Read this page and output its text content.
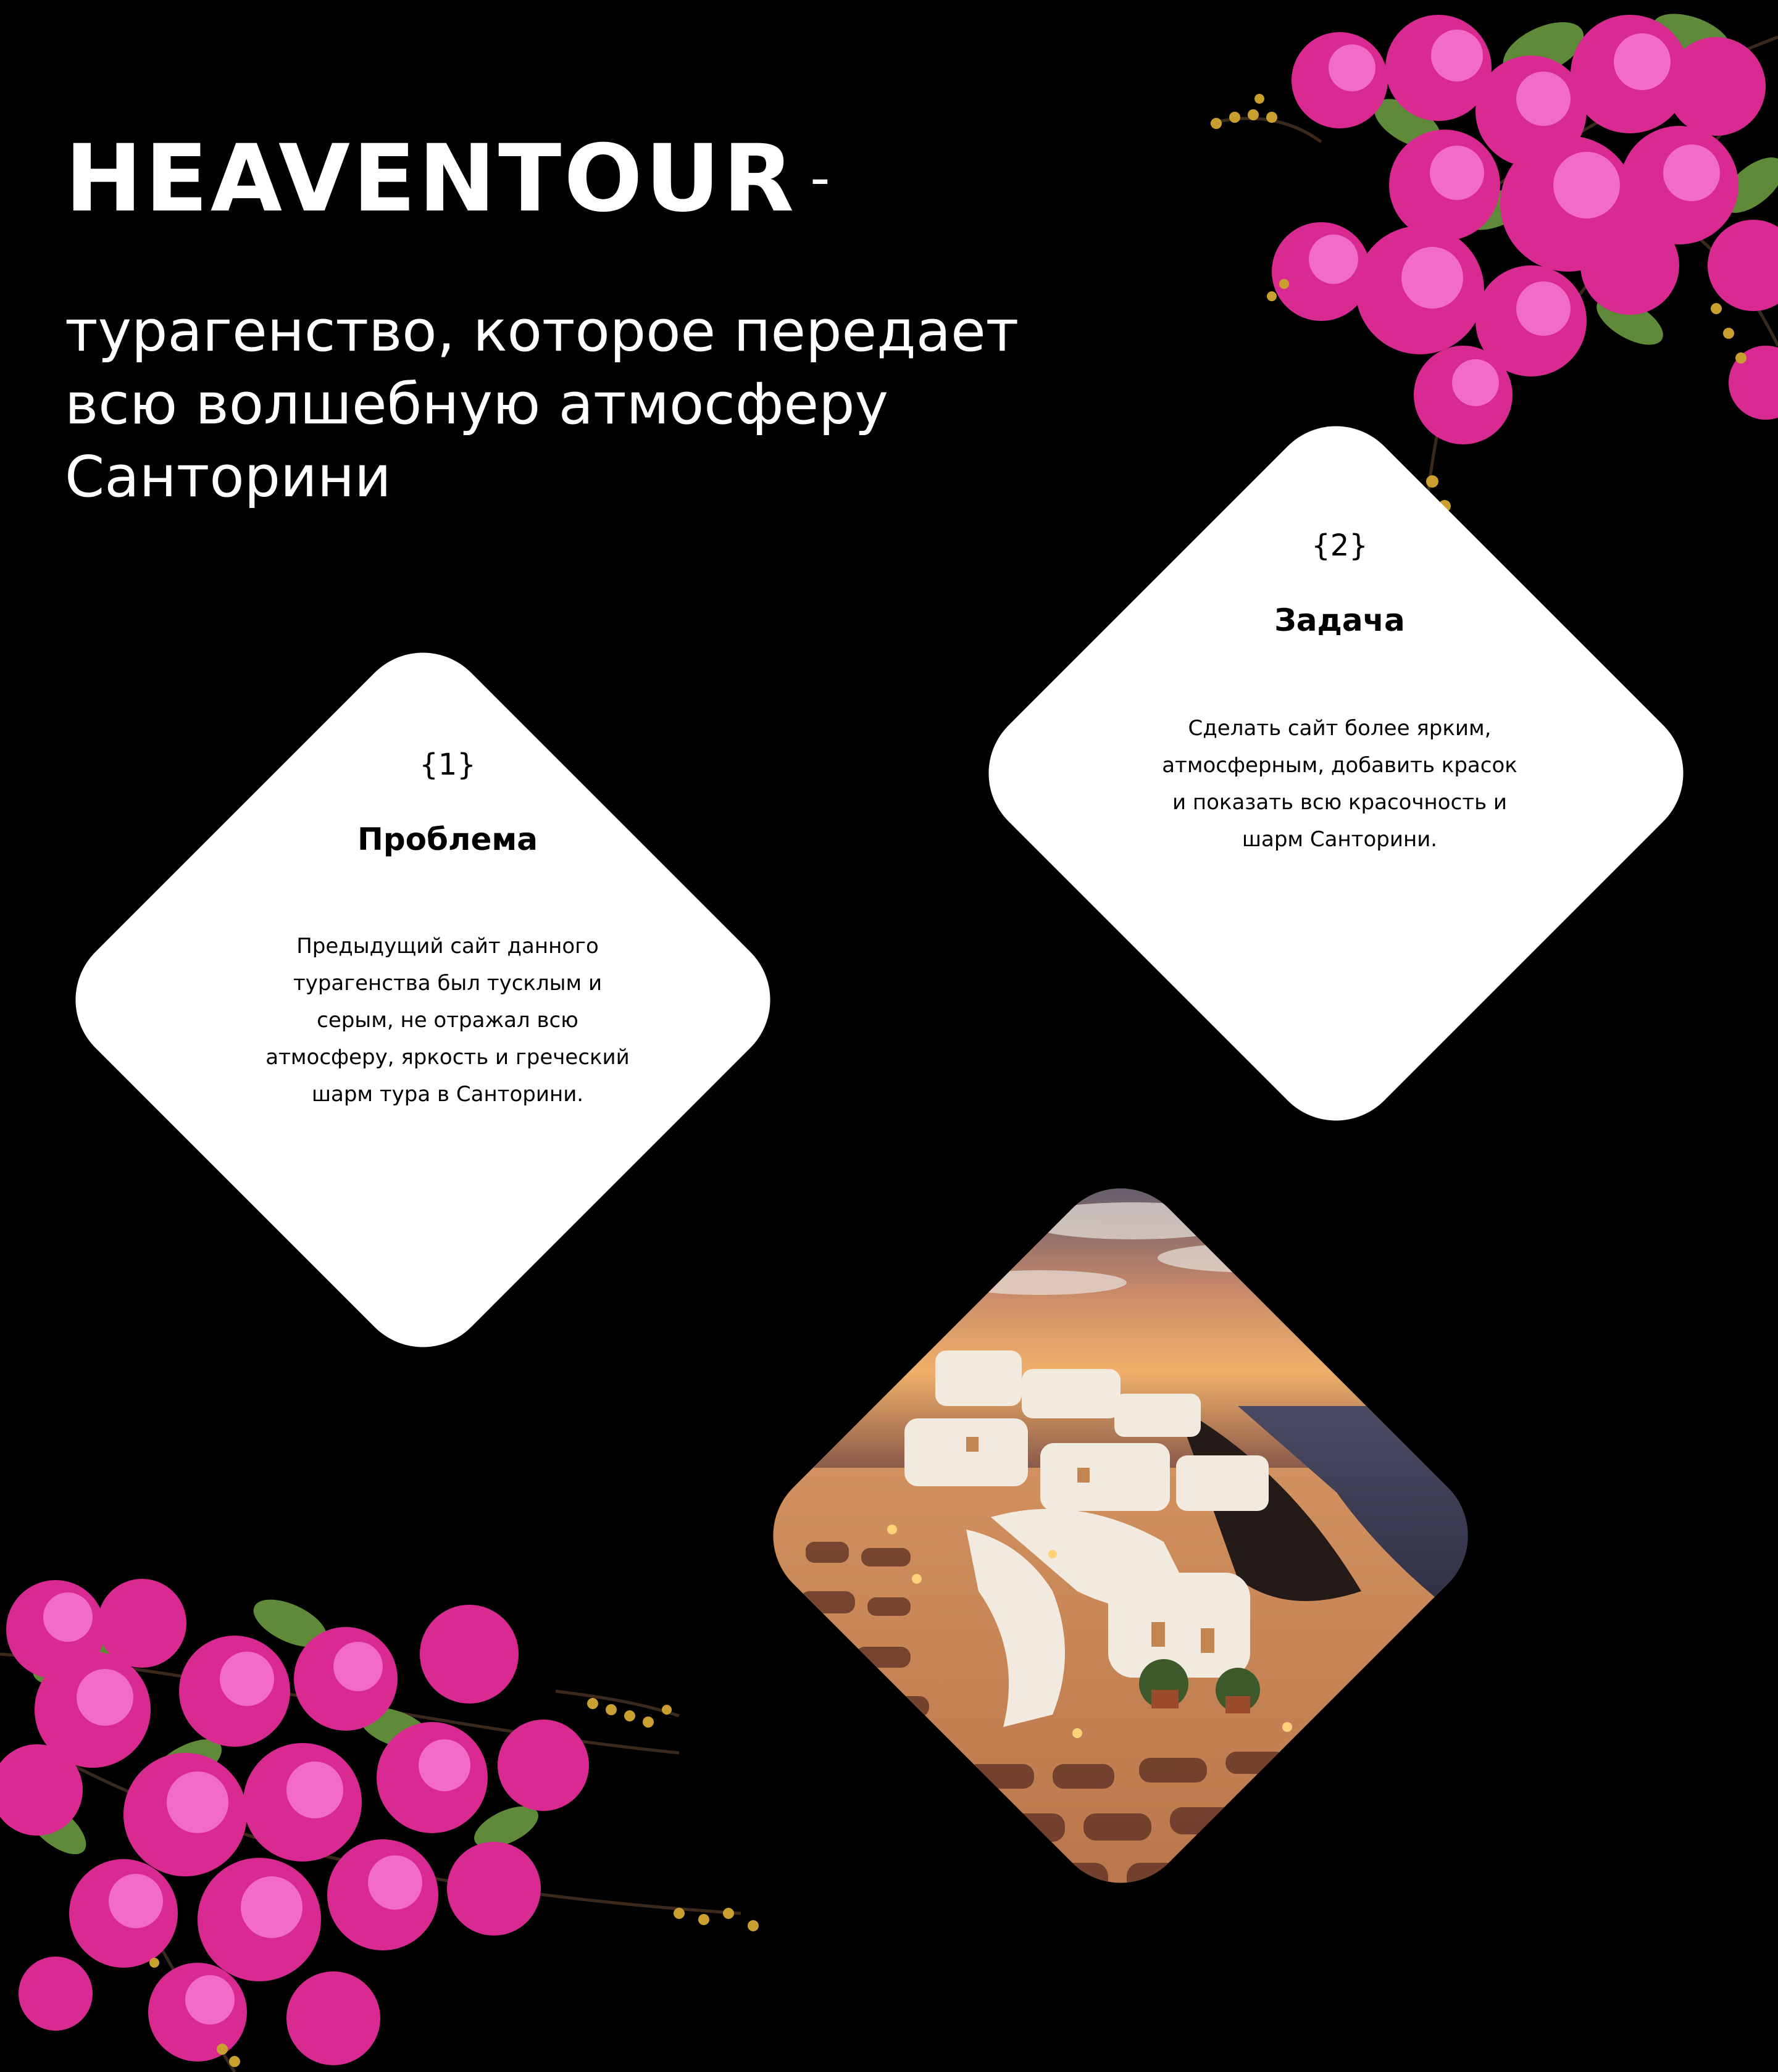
HEAVENTOUR -

турагенство, которое передает
всю волшебную атмосферу
Санторини

{1}

Проблема

Предыдущий сайт данного турагенства был тусклым и серым, не отражал всю атмосферу, яркость и греческий шарм тура в Санторини.

{2}

Задача

Сделать сайт более ярким, атмосферным, добавить красок и показать всю красочность и шарм Санторини.
